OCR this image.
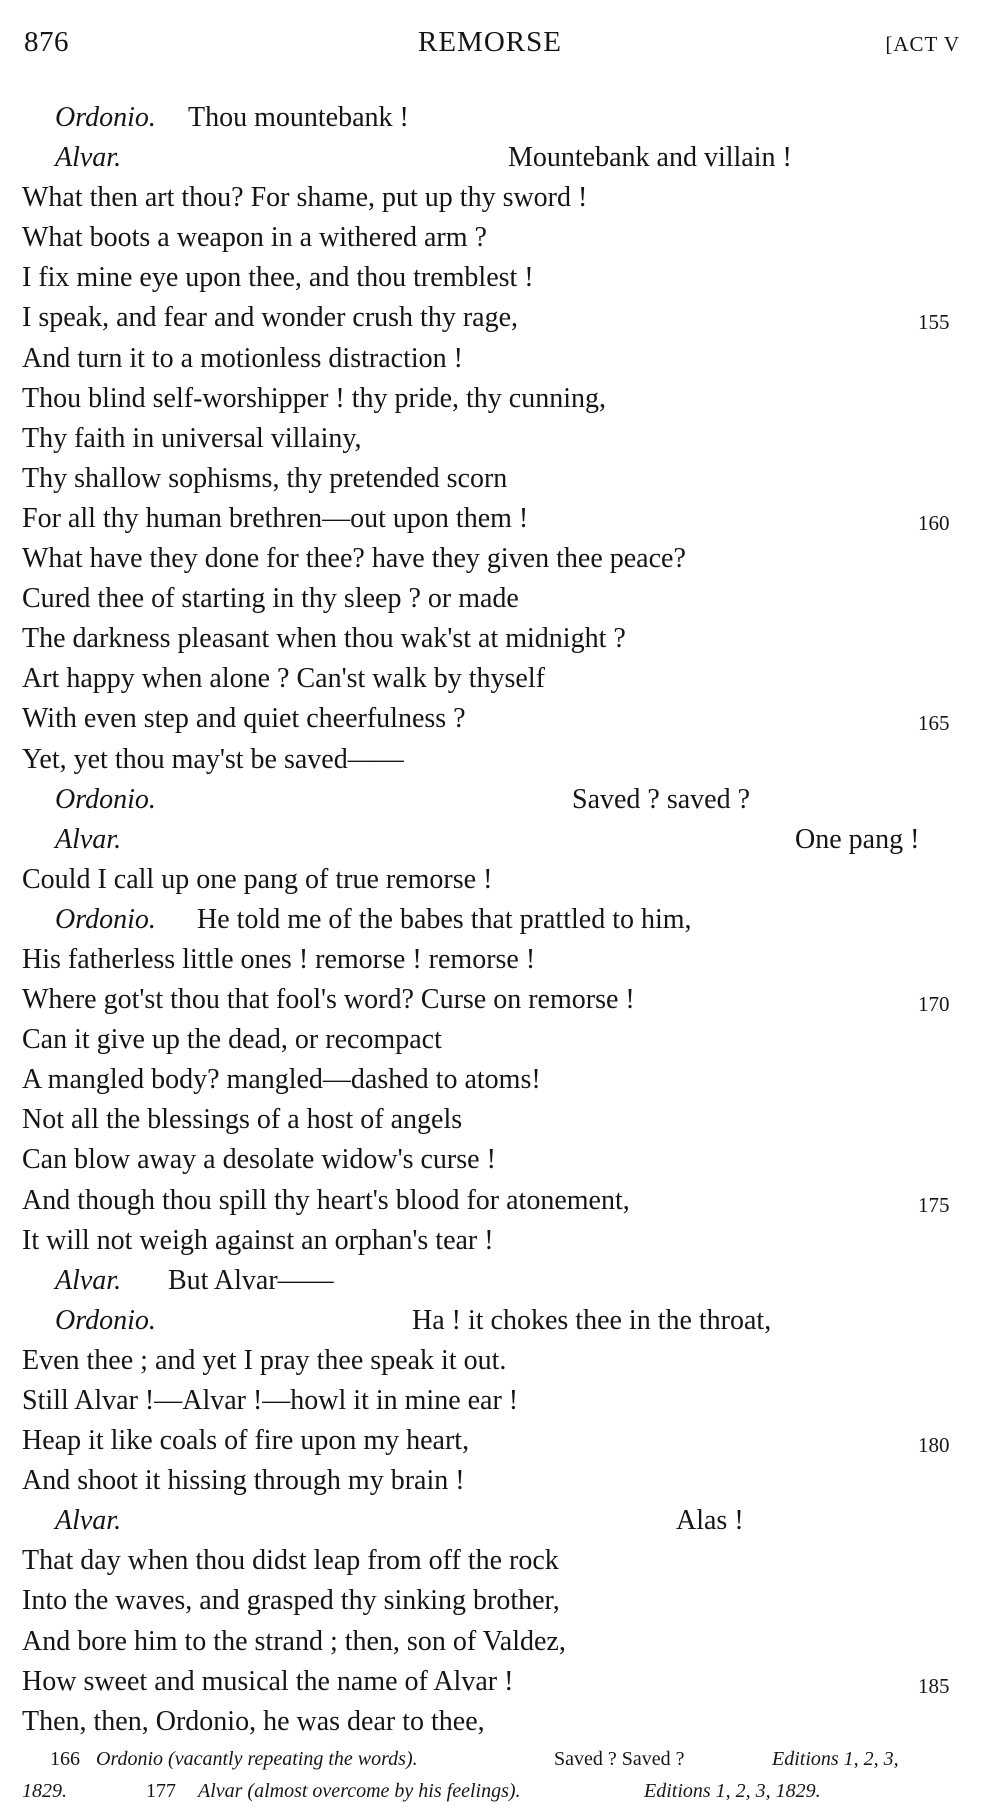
876	REMORSE	[ACT V
Ordonio. Thou mountebank !
Alvar.	Mountebank and villain !
What then art thou? For shame, put up thy sword !
What boots a weapon in a withered arm ?
I fix mine eye upon thee, and thou tremblest !
I speak, and fear and wonder crush thy rage,	155
And turn it to a motionless distraction !
Thou blind self-worshipper ! thy pride, thy cunning,
Thy faith in universal villainy,
Thy shallow sophisms, thy pretended scorn
For all thy human brethren—out upon them !	160
What have they done for thee? have they given thee peace?
Cured thee of starting in thy sleep ? or made
The darkness pleasant when thou wak'st at midnight ?
Art happy when alone ? Can'st walk by thyself
With even step and quiet cheerfulness ?	165
Yet, yet thou may'st be saved——
Ordonio.	Saved ? saved ?
Alvar.	One pang !
Could I call up one pang of true remorse !
Ordonio. He told me of the babes that prattled to him,
His fatherless little ones ! remorse ! remorse !
Where got'st thou that fool's word? Curse on remorse !	170
Can it give up the dead, or recompact
A mangled body? mangled—dashed to atoms!
Not all the blessings of a host of angels
Can blow away a desolate widow's curse !
And though thou spill thy heart's blood for atonement,	175
It will not weigh against an orphan's tear !
Alvar. But Alvar——
Ordonio.	Ha ! it chokes thee in the throat,
Even thee ; and yet I pray thee speak it out.
Still Alvar !—Alvar !—howl it in mine ear !
Heap it like coals of fire upon my heart,	180
And shoot it hissing through my brain !
Alvar.	Alas !
That day when thou didst leap from off the rock
Into the waves, and grasped thy sinking brother,
And bore him to the strand ; then, son of Valdez,
How sweet and musical the name of Alvar !	185
Then, then, Ordonio, he was dear to thee,
166 Ordonio (vacantly repeating the words).	Saved ? Saved ?	Editions 1, 2, 3,
1829.	177 Alvar (almost overcome by his feelings).	Editions 1, 2, 3, 1829.
